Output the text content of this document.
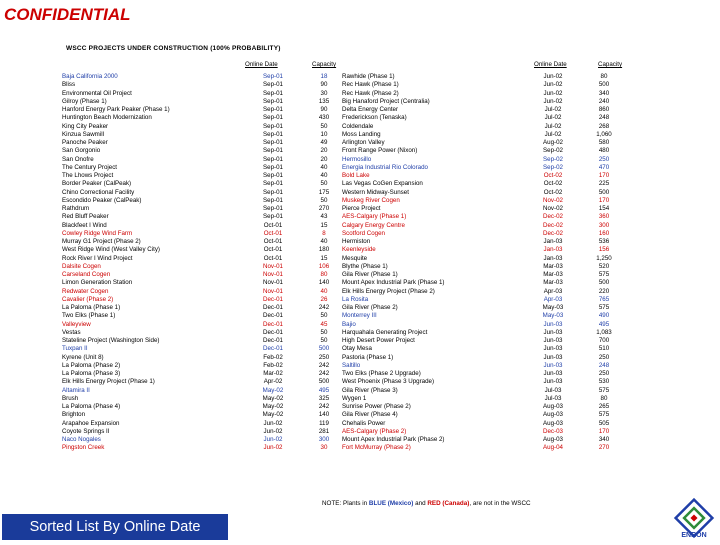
CONFIDENTIAL
WSCC PROJECTS UNDER CONSTRUCTION (100% PROBABILITY)
Online Date	Capacity	Online Date	Capacity
Baja California 2000	Sep-01	18
Bliss	Sep-01	90
Environmental Oil Project	Sep-01	30
Gilroy (Phase 1)	Sep-01	135
Hanford Energy Park Peaker (Phase 1)	Sep-01	90
Huntington Beach Modernization	Sep-01	430
King City Peaker	Sep-01	50
Kinzua Sawmill	Sep-01	10
Panoche Peaker	Sep-01	49
San Gorgonio	Sep-01	20
San Onofre	Sep-01	20
The Century Project	Sep-01	40
The Lhows Project	Sep-01	40
Border Peaker (CalPeak)	Sep-01	50
Chino Correctional Facility	Sep-01	175
Escondido Peaker (CalPeak)	Sep-01	50
Rathdrum	Sep-01	270
Red Bluff Peaker	Sep-01	43
Blackfeet I Wind	Oct-01	15
Cowley Ridge Wind Farm	Oct-01	8
Murray G1 Project (Phase 2)	Oct-01	40
West Ridge Wind (West Valley City)	Oct-01	180
Rock River I Wind Project	Oct-01	15
Dalsite Cogen	Nov-01	106
Carseland Cogen	Nov-01	80
Limon Generation Station	Nov-01	140
Redwater Cogen	Nov-01	40
Cavalier (Phase 2)	Dec-01	26
La Paloma (Phase 1)	Dec-01	242
Two Elks (Phase 1)	Dec-01	50
Valleyview	Dec-01	45
Vestas	Dec-01	50
Stateline Project (Washington Side)	Dec-01	50
Tuxpan II	Dec-01	500
Kyrene (Unit 8)	Feb-02	250
La Paloma (Phase 2)	Feb-02	242
La Paloma (Phase 3)	Mar-02	242
Elk Hills Energy Project (Phase 1)	Apr-02	500
Altamira II	May-02	495
Brush	May-02	325
La Paloma (Phase 4)	May-02	242
Brighton	May-02	140
Arapahoe Expansion	Jun-02	119
Coyote Springs II	Jun-02	281
Naco Nogales	Jun-02	300
Pingston Creek	Jun-02	30
Rawhide (Phase 1)	Jun-02	80
Rec Hawk (Phase 1)	Jun-02	500
Rec Hawk (Phase 2)	Jun-02	340
Big Hanaford Project (Centralia)	Jun-02	240
Delta Energy Center	Jul-02	860
Frederickson (Tenaska)	Jul-02	248
Coldendale	Jul-02	268
Moss Landing	Jul-02	1,060
Arlington Valley	Aug-02	580
Front Range Power (Nixon)	Sep-02	480
Hermosillo	Sep-02	250
Energia Industrial Rio Colorado	Sep-02	470
Bold Lake	Oct-02	170
Las Vegas CoGen Expansion	Oct-02	225
Western Midway-Sunset	Oct-02	500
Muskeg River Cogen	Nov-02	170
Pierce Project	Nov-02	154
AES-Calgary (Phase 1)	Dec-02	360
Calgary Energy Centre	Dec-02	300
Scotford Cogen	Dec-02	160
Hermiston	Jan-03	536
Keenleyside	Jan-03	156
Mesquite	Jan-03	1,250
Blythe (Phase 1)	Mar-03	520
Gila River (Phase 1)	Mar-03	575
Mount Apex Industrial Park (Phase 1)	Mar-03	500
Elk Hills Energy Project (Phase 2)	Apr-03	220
La Rosita	Apr-03	765
Gila River (Phase 2)	May-03	575
Monterrey III	May-03	490
Bajio	Jun-03	495
Harquahala Generating Project	Jun-03	1,083
High Desert Power Project	Jun-03	700
Otay Mesa	Jun-03	510
Pastoria (Phase 1)	Jun-03	250
Saltillo	Jun-03	248
Two Elks (Phase 2 Upgrade)	Jun-03	250
West Phoenix (Phase 3 Upgrade)	Jun-03	530
Gila River (Phase 3)	Jul-03	575
Wygen 1	Jul-03	80
Sunrise Power (Phase 2)	Aug-03	265
Gila River (Phase 4)	Aug-03	575
Chehalis Power	Aug-03	505
AES-Calgary (Phase 2)	Dec-03	170
Mount Apex Industrial Park (Phase 2)	Aug-03	340
Fort McMurray (Phase 2)	Aug-04	270
NOTE: Plants in BLUE (Mexico) and RED (Canada), are not in the WSCC
Sorted List By Online Date
ENRON
